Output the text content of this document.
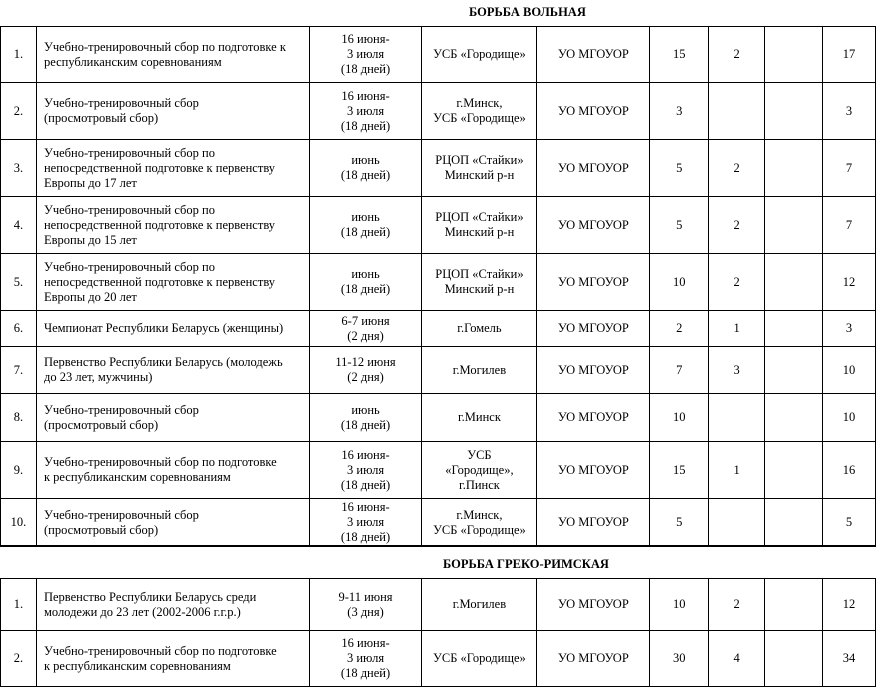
БОРЬБА ВОЛЬНАЯ
1.	Учебно-тренировочный сбор по подготовке к республиканским соревнованиям	16 июня-
3 июля
(18 дней)	УСБ «Городище»	УО МГОУОР	15	2		17
2.	Учебно-тренировочный сбор
(просмотровый сбор)	16 июня-
3 июля
(18 дней)	г.Минск,
УСБ «Городище»	УО МГОУОР	3			3
3.	Учебно-тренировочный сбор по
непосредственной подготовке к первенству
Европы до 17 лет	июнь
(18 дней)	РЦОП «Стайки»
Минский р-н	УО МГОУОР	5	2		7
4.	Учебно-тренировочный сбор по
непосредственной подготовке к первенству
Европы до 15 лет	июнь
(18 дней)	РЦОП «Стайки»
Минский р-н	УО МГОУОР	5	2		7
5.	Учебно-тренировочный сбор по
непосредственной подготовке к первенству
Европы до 20 лет	июнь
(18 дней)	РЦОП «Стайки»
Минский р-н	УО МГОУОР	10	2		12
6.	Чемпионат Республики Беларусь (женщины)	6-7 июня
(2 дня)	г.Гомель	УО МГОУОР	2	1		3
7.	Первенство Республики Беларусь (молодежь
до 23 лет, мужчины)	11-12 июня
(2 дня)	г.Могилев	УО МГОУОР	7	3		10
8.	Учебно-тренировочный сбор
(просмотровый сбор)	июнь
(18 дней)	г.Минск	УО МГОУОР	10			10
9.	Учебно-тренировочный сбор по подготовке
к республиканским соревнованиям	16 июня-
3 июля
(18 дней)	УСБ
«Городище»,
г.Пинск	УО МГОУОР	15	1		16
10.	Учебно-тренировочный сбор
(просмотровый сбор)	16 июня-
3 июля
(18 дней)	г.Минск,
УСБ «Городище»	УО МГОУОР	5			5
БОРЬБА ГРЕКО-РИМСКАЯ
1.	Первенство Республики Беларусь среди
молодежи до 23 лет (2002-2006 г.г.р.)	9-11 июня
(3 дня)	г.Могилев	УО МГОУОР	10	2		12
2.	Учебно-тренировочный сбор по подготовке
к республиканским соревнованиям	16 июня-
3 июля
(18 дней)	УСБ «Городище»	УО МГОУОР	30	4		34
